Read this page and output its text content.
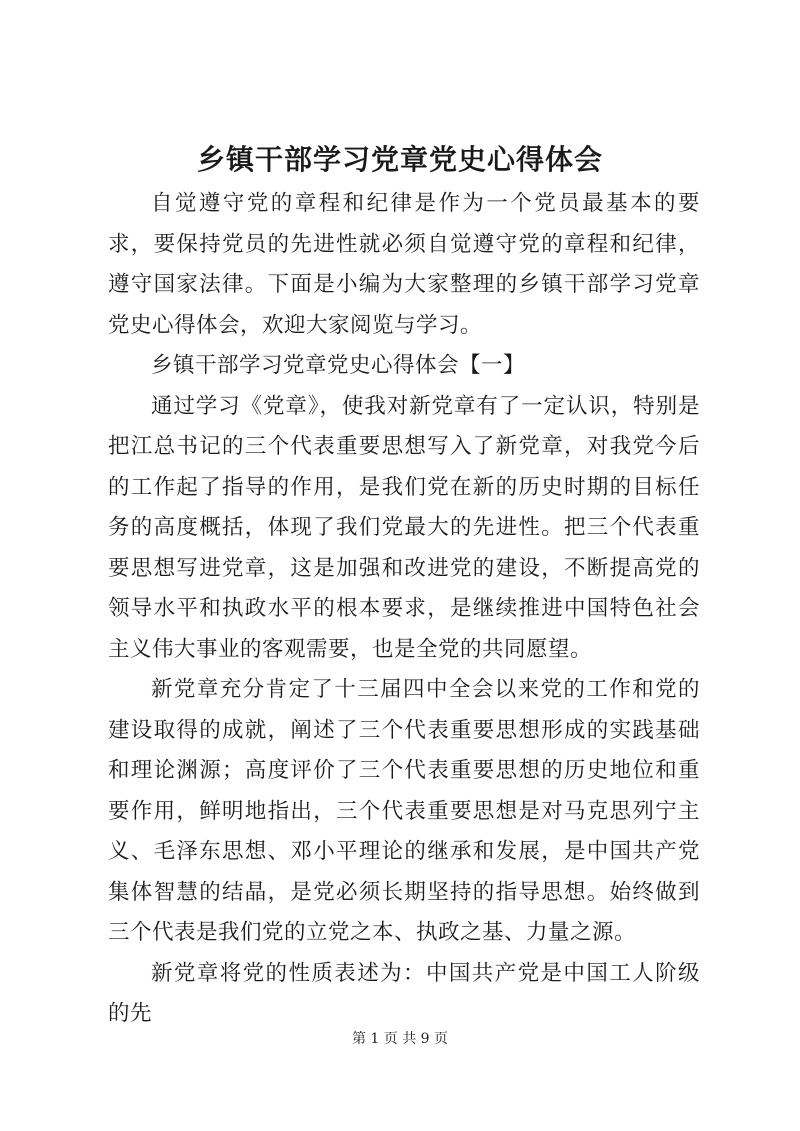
乡镇干部学习党章党史心得体会

自觉遵守党的章程和纪律是作为一个党员最基本的要求，要保持党员的先进性就必须自觉遵守党的章程和纪律，遵守国家法律。下面是小编为大家整理的乡镇干部学习党章党史心得体会，欢迎大家阅览与学习。

乡镇干部学习党章党史心得体会【一】

通过学习《党章》，使我对新党章有了一定认识，特别是把江总书记的三个代表重要思想写入了新党章，对我党今后的工作起了指导的作用，是我们党在新的历史时期的目标任务的高度概括，体现了我们党最大的先进性。把三个代表重要思想写进党章，这是加强和改进党的建设，不断提高党的领导水平和执政水平的根本要求，是继续推进中国特色社会主义伟大事业的客观需要，也是全党的共同愿望。

新党章充分肯定了十三届四中全会以来党的工作和党的建设取得的成就，阐述了三个代表重要思想形成的实践基础和理论渊源；高度评价了三个代表重要思想的历史地位和重要作用，鲜明地指出，三个代表重要思想是对马克思列宁主义、毛泽东思想、邓小平理论的继承和发展，是中国共产党集体智慧的结晶，是党必须长期坚持的指导思想。始终做到三个代表是我们党的立党之本、执政之基、力量之源。

新党章将党的性质表述为：中国共产党是中国工人阶级的先

第 1 页 共 9 页
